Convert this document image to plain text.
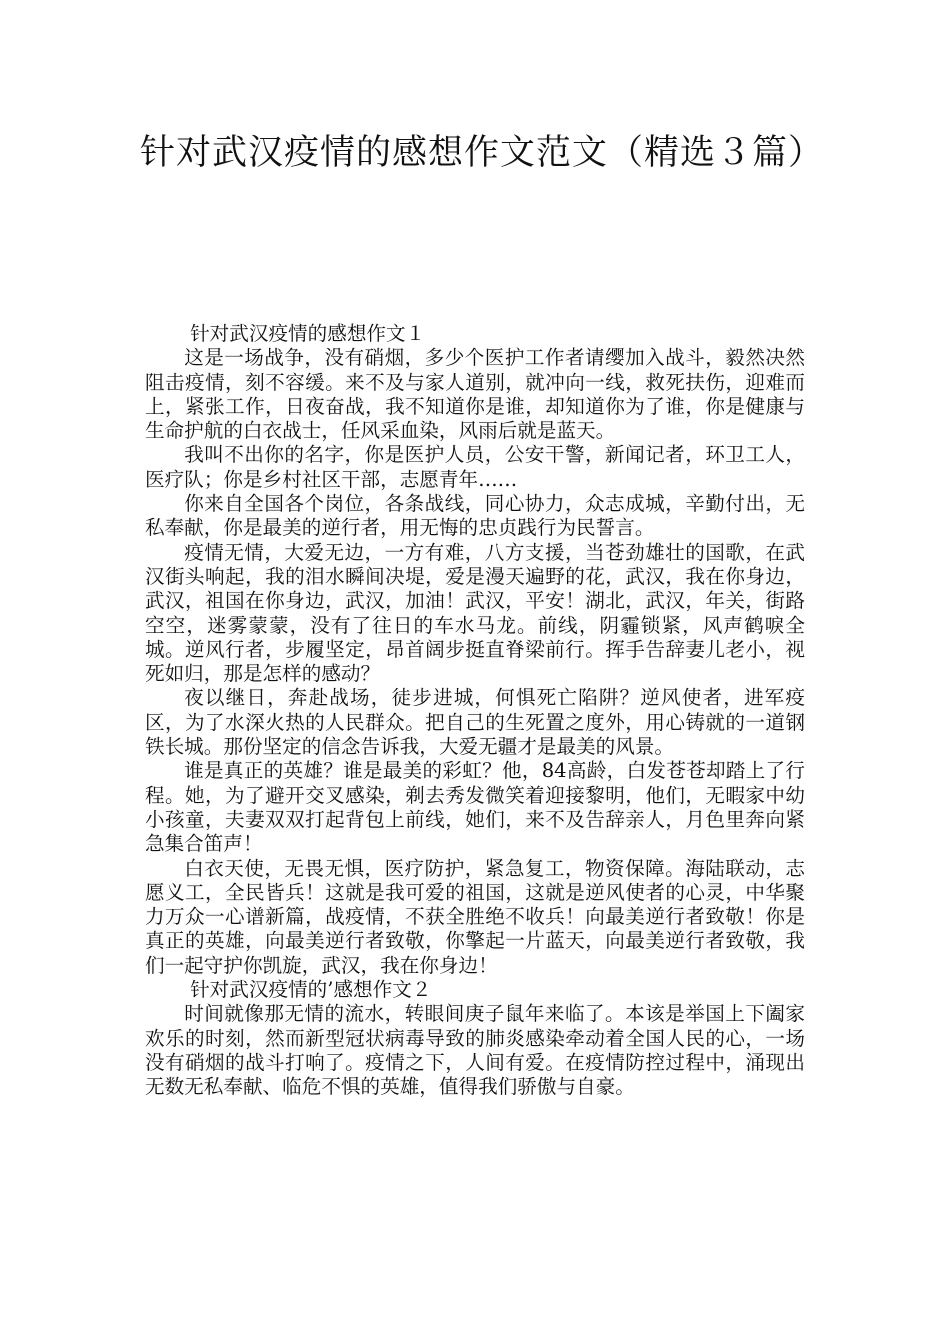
针对武汉疫情的感想作文范文（精选３篇）

针对武汉疫情的感想作文１

这是一场战争，没有硝烟，多少个医护工作者请缨加入战斗，毅然决然阻击疫情，刻不容缓。来不及与家人道别，就冲向一线，救死扶伤，迎难而上，紧张工作，日夜奋战，我不知道你是谁，却知道你为了谁，你是健康与生命护航的白衣战士，任风采血染，风雨后就是蓝天。

我叫不出你的名字，你是医护人员，公安干警，新闻记者，环卫工人，医疗队；你是乡村社区干部，志愿青年……

你来自全国各个岗位，各条战线，同心协力，众志成城，辛勤付出，无私奉献，你是最美的逆行者，用无悔的忠贞践行为民誓言。

疫情无情，大爱无边，一方有难，八方支援，当苍劲雄壮的国歌，在武汉街头响起，我的泪水瞬间决堤，爱是漫天遍野的花，武汉，我在你身边，武汉，祖国在你身边，武汉，加油！武汉，平安！湖北，武汉，年关，街路空空，迷雾蒙蒙，没有了往日的车水马龙。前线，阴霾锁紧，风声鹤唳全城。逆风行者，步履坚定，昂首阔步挺直脊梁前行。挥手告辞妻儿老小，视死如归，那是怎样的感动？

夜以继日，奔赴战场，徒步进城，何惧死亡陷阱？逆风使者，进军疫区，为了水深火热的人民群众。把自己的生死置之度外，用心铸就的一道钢铁长城。那份坚定的信念告诉我，大爱无疆才是最美的风景。

谁是真正的英雄？谁是最美的彩虹？他，84高龄，白发苍苍却踏上了行程。她，为了避开交叉感染，剃去秀发微笑着迎接黎明，他们，无暇家中幼小孩童，夫妻双双打起背包上前线，她们，来不及告辞亲人，月色里奔向紧急集合笛声！

白衣天使，无畏无惧，医疗防护，紧急复工，物资保障。海陆联动，志愿义工，全民皆兵！这就是我可爱的祖国，这就是逆风使者的心灵，中华聚力万众一心谱新篇，战疫情，不获全胜绝不收兵！向最美逆行者致敬！你是真正的英雄，向最美逆行者致敬，你擎起一片蓝天，向最美逆行者致敬，我们一起守护你凯旋，武汉，我在你身边！

针对武汉疫情的’感想作文２

时间就像那无情的流水，转眼间庚子鼠年来临了。本该是举国上下阖家欢乐的时刻，然而新型冠状病毒导致的肺炎感染牵动着全国人民的心，一场没有硝烟的战斗打响了。疫情之下，人间有爱。在疫情防控过程中，涌现出无数无私奉献、临危不惧的英雄，值得我们骄傲与自豪。
